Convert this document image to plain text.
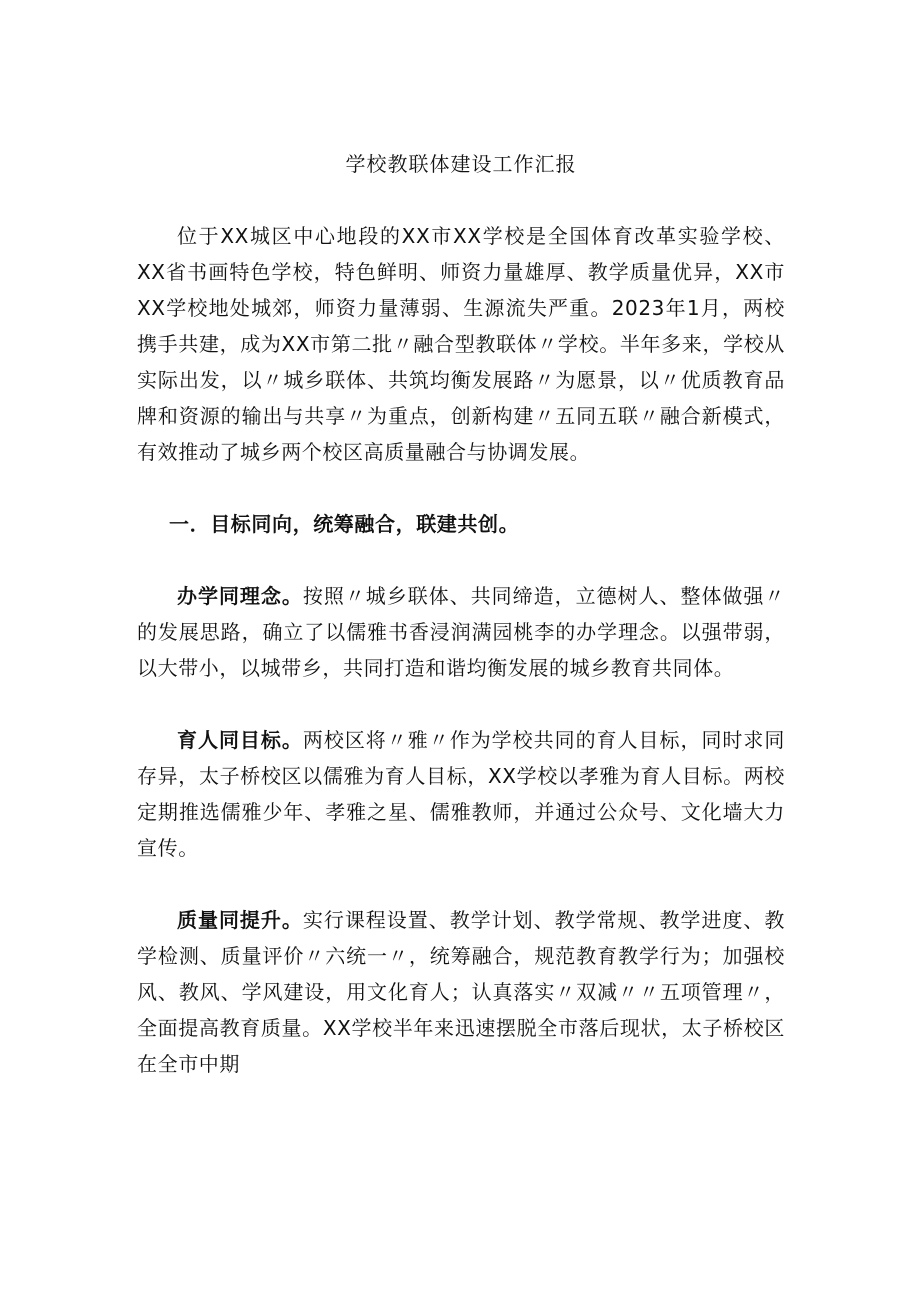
学校教联体建设工作汇报

位于XX城区中心地段的XX市XX学校是全国体育改革实验学校、XX省书画特色学校，特色鲜明、师资力量雄厚、教学质量优异，XX市XX学校地处城郊，师资力量薄弱、生源流失严重。2023年1月，两校携手共建，成为XX市第二批〃融合型教联体〃学校。半年多来，学校从实际出发，以〃城乡联体、共筑均衡发展路〃为愿景，以〃优质教育品牌和资源的输出与共享〃为重点，创新构建〃五同五联〃融合新模式，有效推动了城乡两个校区高质量融合与协调发展。

一．目标同向，统筹融合，联建共创。

办学同理念。按照〃城乡联体、共同缔造，立德树人、整体做强〃的发展思路，确立了以儒雅书香浸润满园桃李的办学理念。以强带弱，以大带小，以城带乡，共同打造和谐均衡发展的城乡教育共同体。

育人同目标。两校区将〃雅〃作为学校共同的育人目标，同时求同存异，太子桥校区以儒雅为育人目标，XX学校以孝雅为育人目标。两校定期推选儒雅少年、孝雅之星、儒雅教师，并通过公众号、文化墙大力宣传。

质量同提升。实行课程设置、教学计划、教学常规、教学进度、教学检测、质量评价〃六统一〃，统筹融合，规范教育教学行为；加强校风、教风、学风建设，用文化育人；认真落实〃双减〃〃五项管理〃，全面提高教育质量。XX学校半年来迅速摆脱全市落后现状，太子桥校区在全市中期
